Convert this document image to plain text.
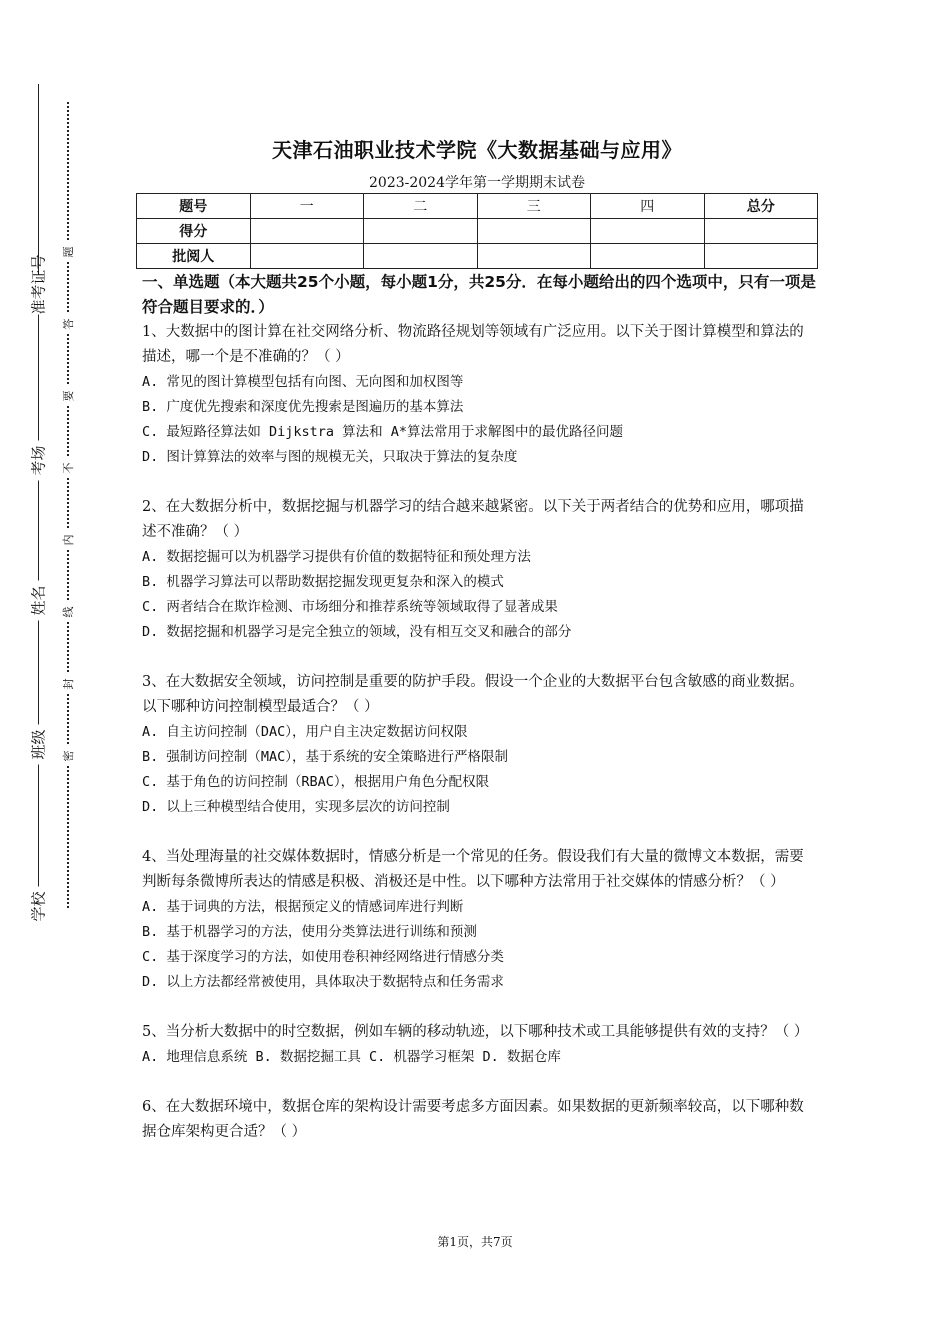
准考证号
考场
姓名
班级
学校
题
答
要
不
内
线
封
密
天津石油职业技术学院《大数据基础与应用》
2023-2024学年第一学期期末试卷
题号	一	二	三	四	总分
得分					
批阅人					
一、单选题（本大题共25个小题，每小题1分，共25分．在每小题给出的四个选项中，只有一项是符合题目要求的．）
1、大数据中的图计算在社交网络分析、物流路径规划等领域有广泛应用。以下关于图计算模型和算法的描述，哪一个是不准确的？（ ）
A. 常见的图计算模型包括有向图、无向图和加权图等
B. 广度优先搜索和深度优先搜索是图遍历的基本算法
C. 最短路径算法如 Dijkstra 算法和 A*算法常用于求解图中的最优路径问题
D. 图计算算法的效率与图的规模无关，只取决于算法的复杂度
2、在大数据分析中，数据挖掘与机器学习的结合越来越紧密。以下关于两者结合的优势和应用，哪项描述不准确？（ ）
A. 数据挖掘可以为机器学习提供有价值的数据特征和预处理方法
B. 机器学习算法可以帮助数据挖掘发现更复杂和深入的模式
C. 两者结合在欺诈检测、市场细分和推荐系统等领域取得了显著成果
D. 数据挖掘和机器学习是完全独立的领域，没有相互交叉和融合的部分
3、在大数据安全领域，访问控制是重要的防护手段。假设一个企业的大数据平台包含敏感的商业数据。以下哪种访问控制模型最适合？（ ）
A. 自主访问控制（DAC），用户自主决定数据访问权限
B. 强制访问控制（MAC），基于系统的安全策略进行严格限制
C. 基于角色的访问控制（RBAC），根据用户角色分配权限
D. 以上三种模型结合使用，实现多层次的访问控制
4、当处理海量的社交媒体数据时，情感分析是一个常见的任务。假设我们有大量的微博文本数据，需要判断每条微博所表达的情感是积极、消极还是中性。以下哪种方法常用于社交媒体的情感分析？（ ）
A. 基于词典的方法，根据预定义的情感词库进行判断
B. 基于机器学习的方法，使用分类算法进行训练和预测
C. 基于深度学习的方法，如使用卷积神经网络进行情感分类
D. 以上方法都经常被使用，具体取决于数据特点和任务需求
5、当分析大数据中的时空数据，例如车辆的移动轨迹，以下哪种技术或工具能够提供有效的支持？（ ）
A. 地理信息系统 B. 数据挖掘工具 C. 机器学习框架 D. 数据仓库
6、在大数据环境中，数据仓库的架构设计需要考虑多方面因素。如果数据的更新频率较高，以下哪种数据仓库架构更合适？（ ）
第1页，共7页
